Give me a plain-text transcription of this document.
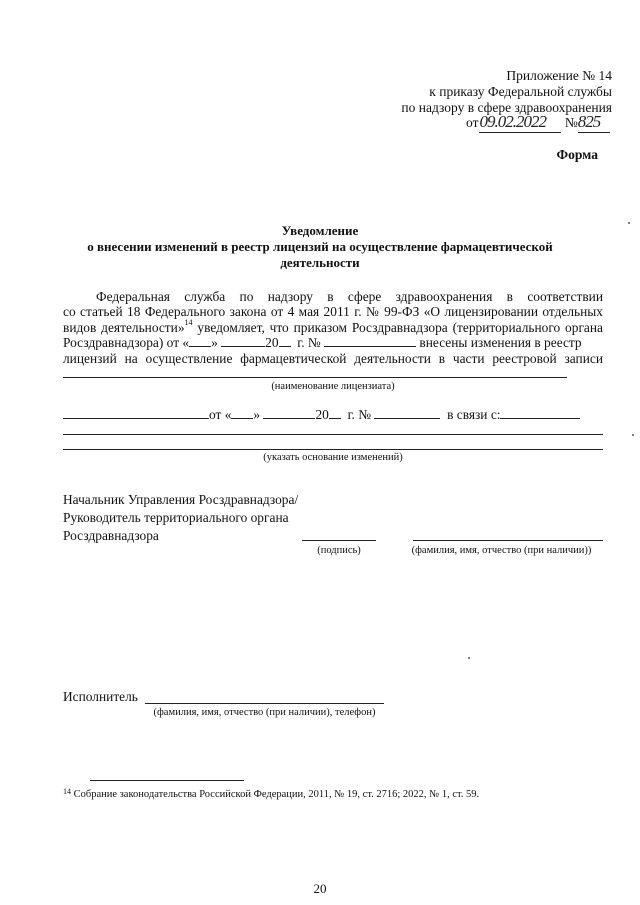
Приложение № 14
к приказу Федеральной службы
по надзору в сфере здравоохранения
от09.02.2022 №825
Форма
Уведомление
о внесении изменений в реестр лицензий на осуществление фармацевтической
деятельности
Федеральная служба по надзору в сфере здравоохранения в соответствии
со статьей 18 Федерального закона от 4 мая 2011 г. № 99-ФЗ «О лицензировании отдельных
видов деятельности»$^{14}$ уведомляет, что приказом Росздравнадзора (территориального органа
Росздравнадзора) от « »	20 г. №	внесены изменения в реестр
лицензий на осуществление фармацевтической деятельности в части реестровой записи
(наименование лицензиата)
от « »	20 г. №	в связи с:
(указать основание изменений)
Начальник Управления Росздравнадзора/
Руководитель территориального органа
Росздравнадзора
(подпись)	(фамилия, имя, отчество (при наличии))
Исполнитель
(фамилия, имя, отчество (при наличии), телефон)
$^{14}$ Собрание законодательства Российской Федерации, 2011, № 19, ст. 2716; 2022, № 1, ст. 59.
20
